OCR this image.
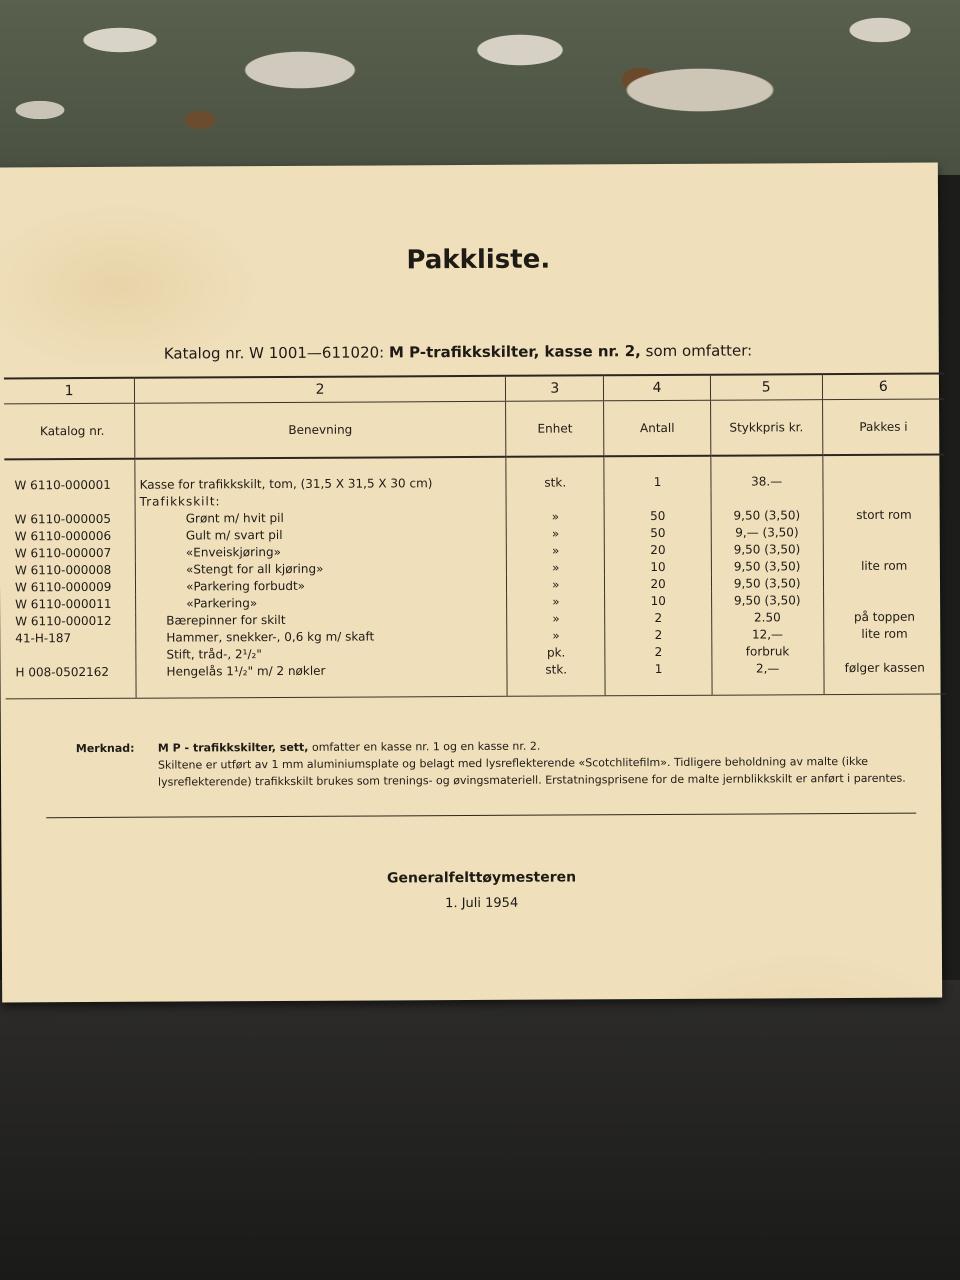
Pakkliste.
Katalog nr. W 1001—611020: M P-trafikkskilter, kasse nr. 2, som omfatter:
1	2	3	4	5	6
Katalog nr.	Benevning	Enhet	Antall	Stykkpris kr.	Pakkes i
W 6110-000001	Kasse for trafikkskilt, tom, (31,5 X 31,5 X 30 cm)	stk.	1	38.—	
	Trafikkskilt:				
W 6110-000005	Grønt m/ hvit pil	»	50	9,50 (3,50)	stort rom
W 6110-000006	Gult m/ svart pil	»	50	9,— (3,50)	
W 6110-000007	«Enveiskjøring»	»	20	9,50 (3,50)	
W 6110-000008	«Stengt for all kjøring»	»	10	9,50 (3,50)	lite rom
W 6110-000009	«Parkering forbudt»	»	20	9,50 (3,50)	
W 6110-000011	«Parkering»	»	10	9,50 (3,50)	
W 6110-000012	Bærepinner for skilt	»	2	2.50	på toppen
41-H-187	Hammer, snekker-, 0,6 kg m/ skaft	»	2	12,—	lite rom
	Stift, tråd-, 2¹/₂"	pk.	2	forbruk	
H 008-0502162	Hengelås 1¹/₂" m/ 2 nøkler	stk.	1	2,—	følger kassen
Merknad: M P - trafikkskilter, sett, omfatter en kasse nr. 1 og en kasse nr. 2.
Skiltene er utført av 1 mm aluminiumsplate og belagt med lysreflekterende «Scotchlitefilm». Tidligere beholdning av malte (ikke lysreflekterende) trafikkskilt brukes som trenings- og øvingsmateriell. Erstatningsprisene for de malte jernblikkskilt er anført i parentes.
Generalfelttøymesteren
1. Juli 1954
